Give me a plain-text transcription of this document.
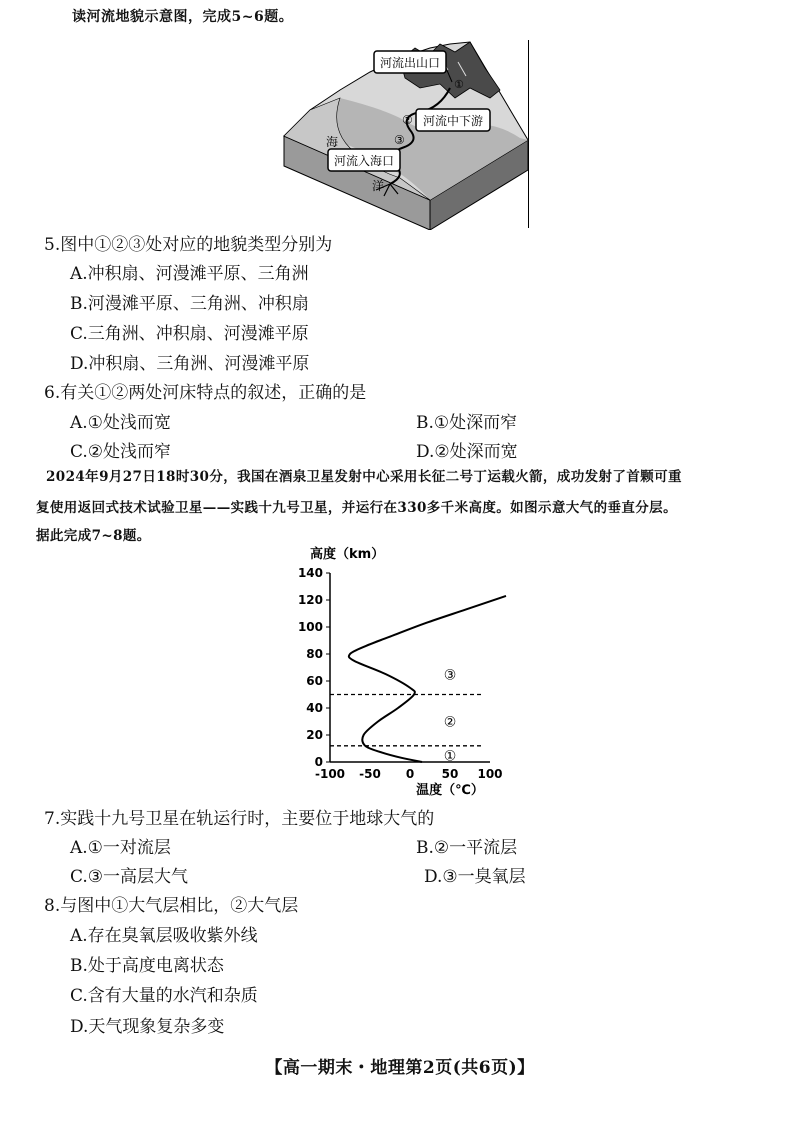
读河流地貌示意图，完成5~6题。
河流出山口
①
河流中下游
②
③
河流入海口
海
洋
5.图中①②③处对应的地貌类型分别为
A.冲积扇、河漫滩平原、三角洲
B.河漫滩平原、三角洲、冲积扇
C.三角洲、冲积扇、河漫滩平原
D.冲积扇、三角洲、河漫滩平原
6.有关①②两处河床特点的叙述，正确的是
A.①处浅而宽	B.①处深而窄
C.②处浅而窄	D.②处深而宽
2024年9月27日18时30分，我国在酒泉卫星发射中心采用长征二号丁运载火箭，成功发射了首颗可重
复使用返回式技术试验卫星——实践十九号卫星，并运行在330多千米高度。如图示意大气的垂直分层。
据此完成7~8题。
高度（km）
温度（℃）
0
20
40
60
80
100
120
140
-100 -50 0 50 100
①
②
③
7.实践十九号卫星在轨运行时，主要位于地球大气的
A.①一对流层	B.②一平流层
C.③一高层大气	D.③一臭氧层
8.与图中①大气层相比，②大气层
A.存在臭氧层吸收紫外线
B.处于高度电离状态
C.含有大量的水汽和杂质
D.天气现象复杂多变
【高一期末・地理第2页(共6页)】
